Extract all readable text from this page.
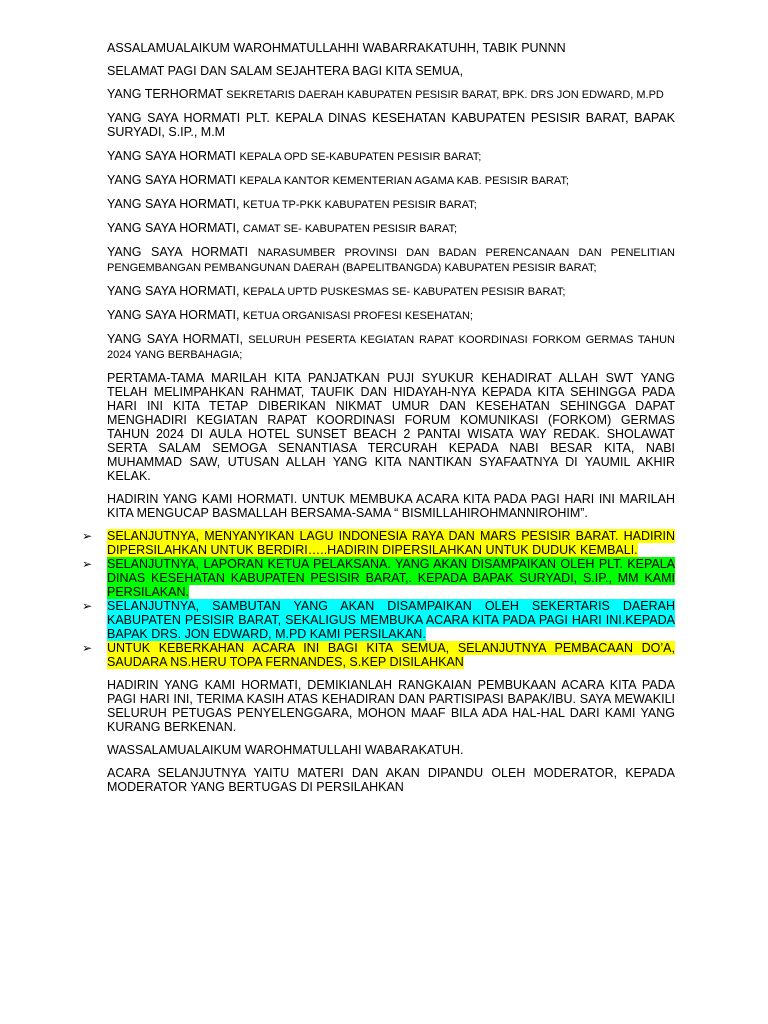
ASSALAMUALAIKUM WAROHMATULLAHHI WABARRAKATUHH, TABIK PUNNN

SELAMAT PAGI DAN SALAM SEJAHTERA BAGI KITA SEMUA,

YANG TERHORMAT SEKRETARIS DAERAH KABUPATEN PESISIR BARAT, BPK. DRS JON EDWARD, M.PD

YANG SAYA HORMATI PLT. KEPALA DINAS KESEHATAN KABUPATEN PESISIR BARAT, BAPAK SURYADI, S.IP., M.M

YANG SAYA HORMATI KEPALA OPD SE-KABUPATEN PESISIR BARAT;

YANG SAYA HORMATI KEPALA KANTOR KEMENTERIAN AGAMA KAB. PESISIR BARAT;

YANG SAYA HORMATI, KETUA TP-PKK KABUPATEN PESISIR BARAT;

YANG SAYA HORMATI, CAMAT SE- KABUPATEN PESISIR BARAT;

YANG SAYA HORMATI NARASUMBER PROVINSI DAN BADAN PERENCANAAN DAN PENELITIAN PENGEMBANGAN PEMBANGUNAN DAERAH (BAPELITBANGDA) KABUPATEN PESISIR BARAT;

YANG SAYA HORMATI, KEPALA UPTD PUSKESMAS SE- KABUPATEN PESISIR BARAT;

YANG SAYA HORMATI, KETUA ORGANISASI PROFESI KESEHATAN;

YANG SAYA HORMATI, SELURUH PESERTA KEGIATAN RAPAT KOORDINASI FORKOM GERMAS TAHUN 2024 YANG BERBAHAGIA;

PERTAMA-TAMA MARILAH KITA PANJATKAN PUJI SYUKUR KEHADIRAT ALLAH SWT YANG TELAH MELIMPAHKAN RAHMAT, TAUFIK DAN HIDAYAH-NYA KEPADA KITA SEHINGGA PADA HARI INI KITA TETAP DIBERIKAN NIKMAT UMUR DAN KESEHATAN SEHINGGA DAPAT MENGHADIRI KEGIATAN RAPAT KOORDINASI FORUM KOMUNIKASI (FORKOM) GERMAS TAHUN 2024 DI AULA HOTEL SUNSET BEACH 2 PANTAI WISATA WAY REDAK. SHOLAWAT SERTA SALAM SEMOGA SENANTIASA TERCURAH KEPADA NABI BESAR KITA, NABI MUHAMMAD SAW, UTUSAN ALLAH YANG KITA NANTIKAN SYAFAATNYA DI YAUMIL AKHIR KELAK.

HADIRIN YANG KAMI HORMATI. UNTUK MEMBUKA ACARA KITA PADA PAGI HARI INI MARILAH KITA MENGUCAP BASMALLAH BERSAMA-SAMA “ BISMILLAHIROHMANNIROHIM”.

➢ SELANJUTNYA, MENYANYIKAN LAGU INDONESIA RAYA DAN MARS PESISIR BARAT. HADIRIN DIPERSILAHKAN UNTUK BERDIRI…..HADIRIN DIPERSILAHKAN UNTUK DUDUK KEMBALI.
➢ SELANJUTNYA, LAPORAN KETUA PELAKSANA. YANG AKAN DISAMPAIKAN OLEH PLT. KEPALA DINAS KESEHATAN KABUPATEN PESISIR BARAT,. KEPADA BAPAK SURYADI, S.IP., MM KAMI PERSILAKAN.
➢ SELANJUTNYA, SAMBUTAN YANG AKAN DISAMPAIKAN OLEH SEKERTARIS DAERAH KABUPATEN PESISIR BARAT, SEKALIGUS MEMBUKA ACARA KITA PADA PAGI HARI INI.KEPADA BAPAK DRS. JON EDWARD, M.PD KAMI PERSILAKAN.
➢ UNTUK KEBERKAHAN ACARA INI BAGI KITA SEMUA, SELANJUTNYA PEMBACAAN DO’A, SAUDARA NS.HERU TOPA FERNANDES, S.KEP DISILAHKAN

HADIRIN YANG KAMI HORMATI, DEMIKIANLAH RANGKAIAN PEMBUKAAN ACARA KITA PADA PAGI HARI INI, TERIMA KASIH ATAS KEHADIRAN DAN PARTISIPASI BAPAK/IBU. SAYA MEWAKILI SELURUH PETUGAS PENYELENGGARA, MOHON MAAF BILA ADA HAL-HAL DARI KAMI YANG KURANG BERKENAN.

WASSALAMUALAIKUM WAROHMATULLAHI WABARAKATUH.

ACARA SELANJUTNYA YAITU MATERI DAN AKAN DIPANDU OLEH MODERATOR, KEPADA MODERATOR YANG BERTUGAS DI PERSILAHKAN
